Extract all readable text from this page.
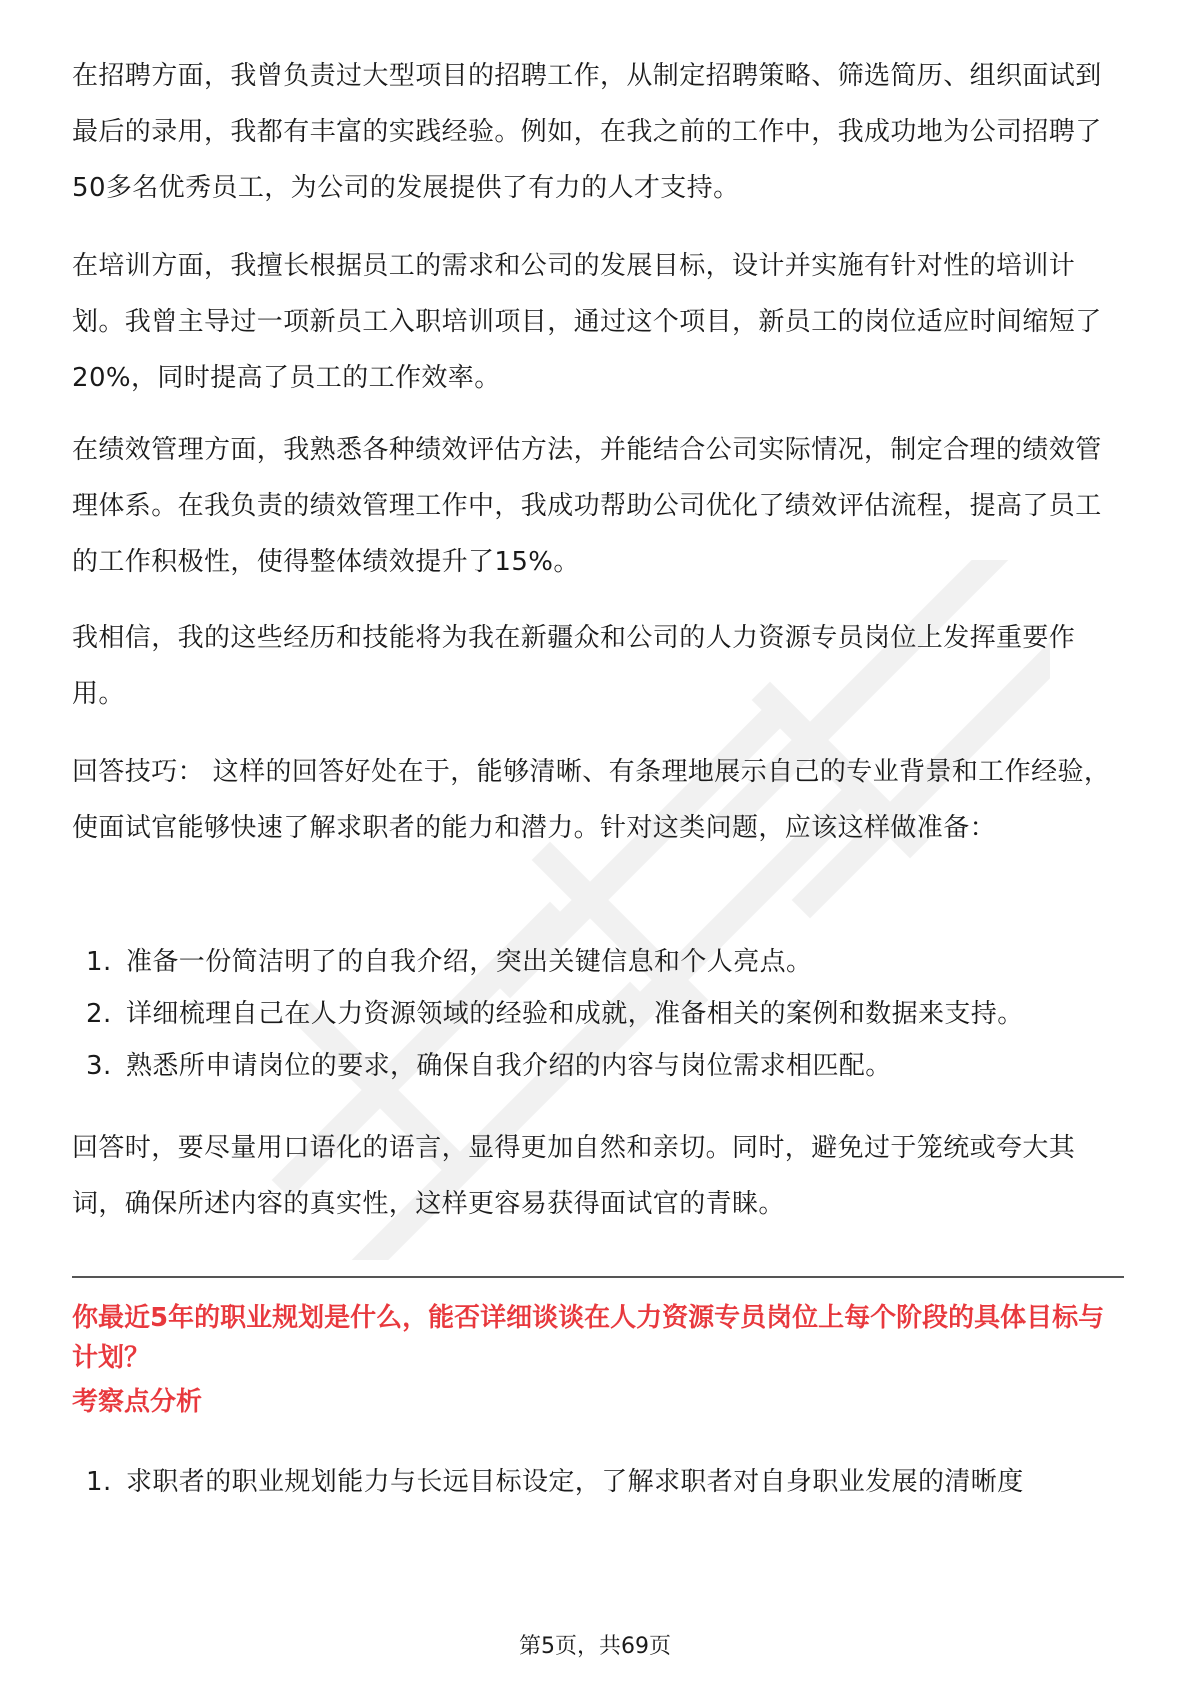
在招聘方面，我曾负责过大型项目的招聘工作，从制定招聘策略、筛选简历、组织面试到最后的录用，我都有丰富的实践经验。例如，在我之前的工作中，我成功地为公司招聘了50多名优秀员工，为公司的发展提供了有力的人才支持。

在培训方面，我擅长根据员工的需求和公司的发展目标，设计并实施有针对性的培训计划。我曾主导过一项新员工入职培训项目，通过这个项目，新员工的岗位适应时间缩短了20%，同时提高了员工的工作效率。

在绩效管理方面，我熟悉各种绩效评估方法，并能结合公司实际情况，制定合理的绩效管理体系。在我负责的绩效管理工作中，我成功帮助公司优化了绩效评估流程，提高了员工的工作积极性，使得整体绩效提升了15%。

我相信，我的这些经历和技能将为我在新疆众和公司的人力资源专员岗位上发挥重要作用。

回答技巧： 这样的回答好处在于，能够清晰、有条理地展示自己的专业背景和工作经验，使面试官能够快速了解求职者的能力和潜力。针对这类问题，应该这样做准备：

1. 准备一份简洁明了的自我介绍，突出关键信息和个人亮点。
2. 详细梳理自己在人力资源领域的经验和成就，准备相关的案例和数据来支持。
3. 熟悉所申请岗位的要求，确保自我介绍的内容与岗位需求相匹配。

回答时，要尽量用口语化的语言，显得更加自然和亲切。同时，避免过于笼统或夸大其词，确保所述内容的真实性，这样更容易获得面试官的青睐。

你最近5年的职业规划是什么，能否详细谈谈在人力资源专员岗位上每个阶段的具体目标与计划？

考察点分析

1. 求职者的职业规划能力与长远目标设定，了解求职者对自身职业发展的清晰度
第5页，共69页
